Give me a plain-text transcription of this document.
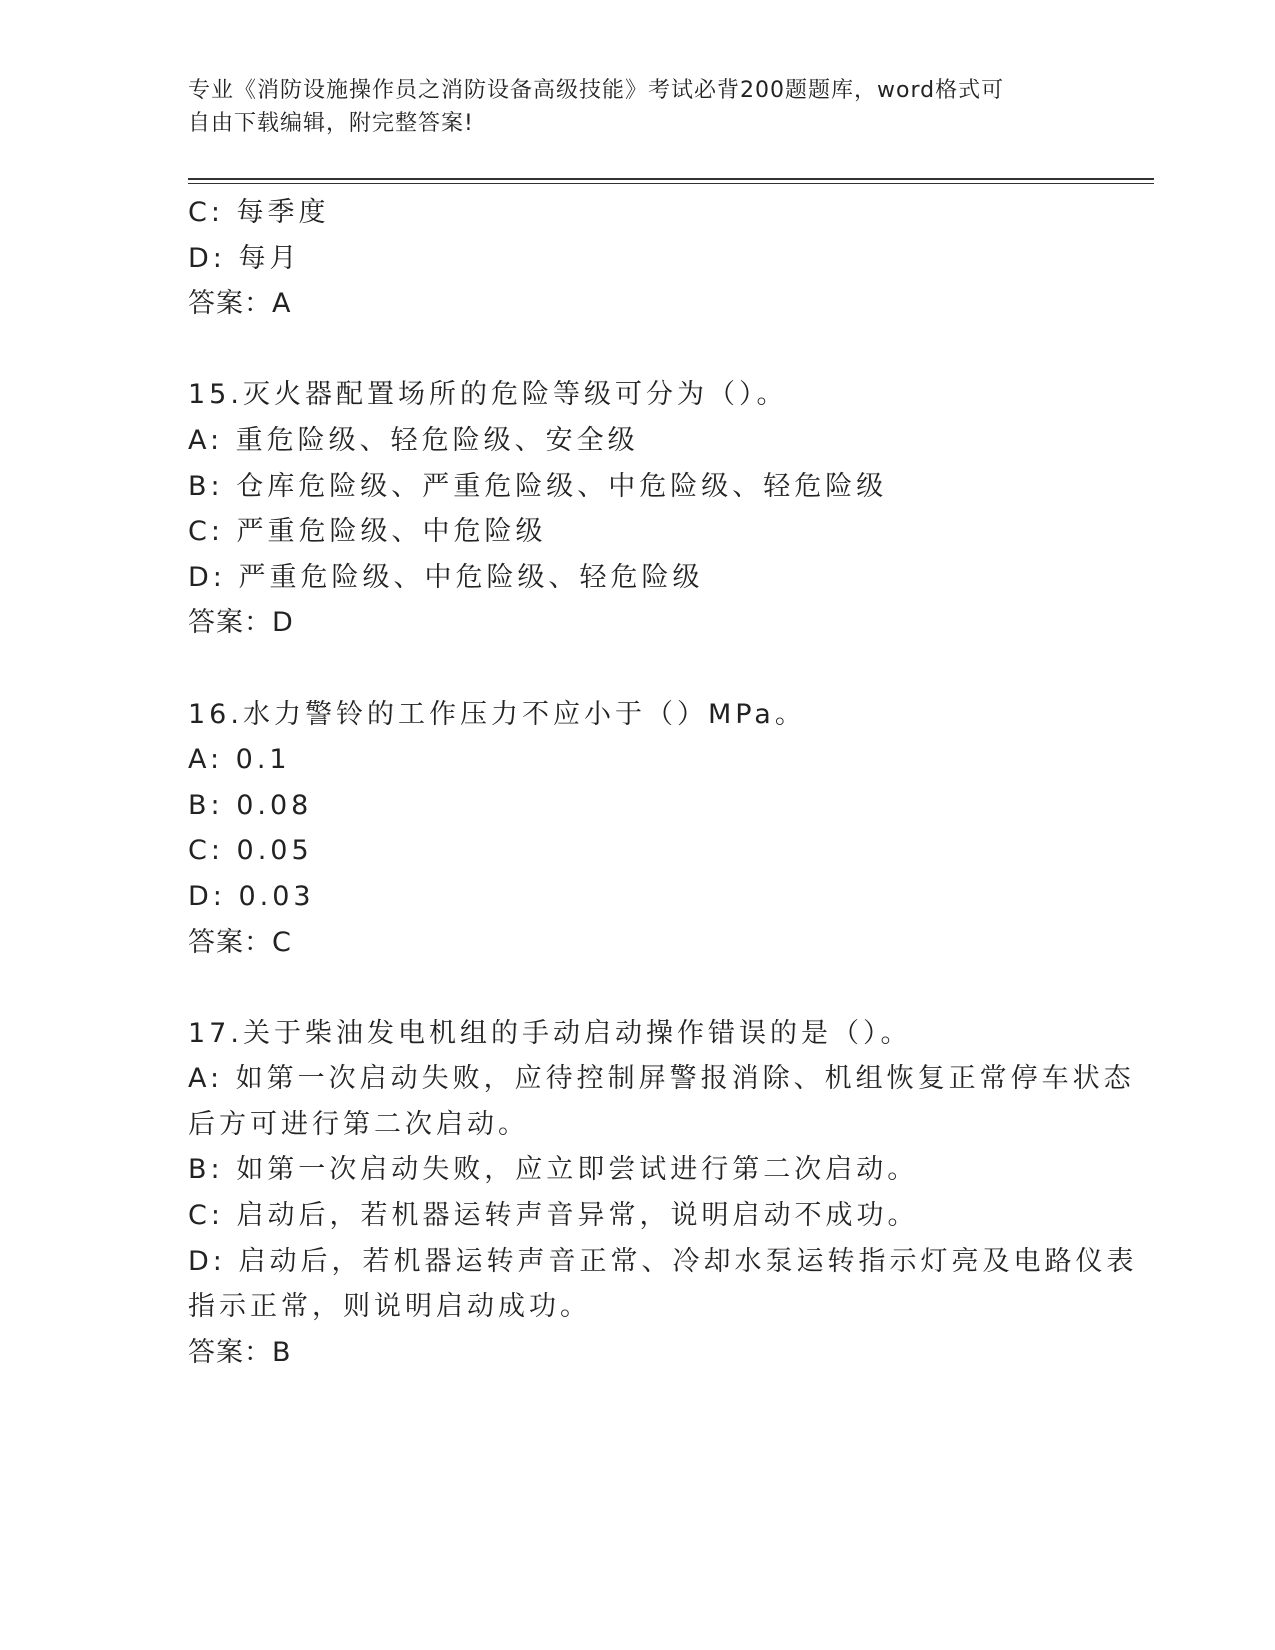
专业《消防设施操作员之消防设备高级技能》考试必背200题题库，word格式可
自由下载编辑，附完整答案!
C: 每季度
D: 每月
答案：A
15.灭火器配置场所的危险等级可分为（）。
A: 重危险级、轻危险级、安全级
B: 仓库危险级、严重危险级、中危险级、轻危险级
C: 严重危险级、中危险级
D: 严重危险级、中危险级、轻危险级
答案：D
16.水力警铃的工作压力不应小于（）MPa。
A: 0.1
B: 0.08
C: 0.05
D: 0.03
答案：C
17.关于柴油发电机组的手动启动操作错误的是（）。
A: 如第一次启动失败，应待控制屏警报消除、机组恢复正常停车状态
后方可进行第二次启动。
B: 如第一次启动失败，应立即尝试进行第二次启动。
C: 启动后，若机器运转声音异常，说明启动不成功。
D: 启动后，若机器运转声音正常、冷却水泵运转指示灯亮及电路仪表
指示正常，则说明启动成功。
答案：B
